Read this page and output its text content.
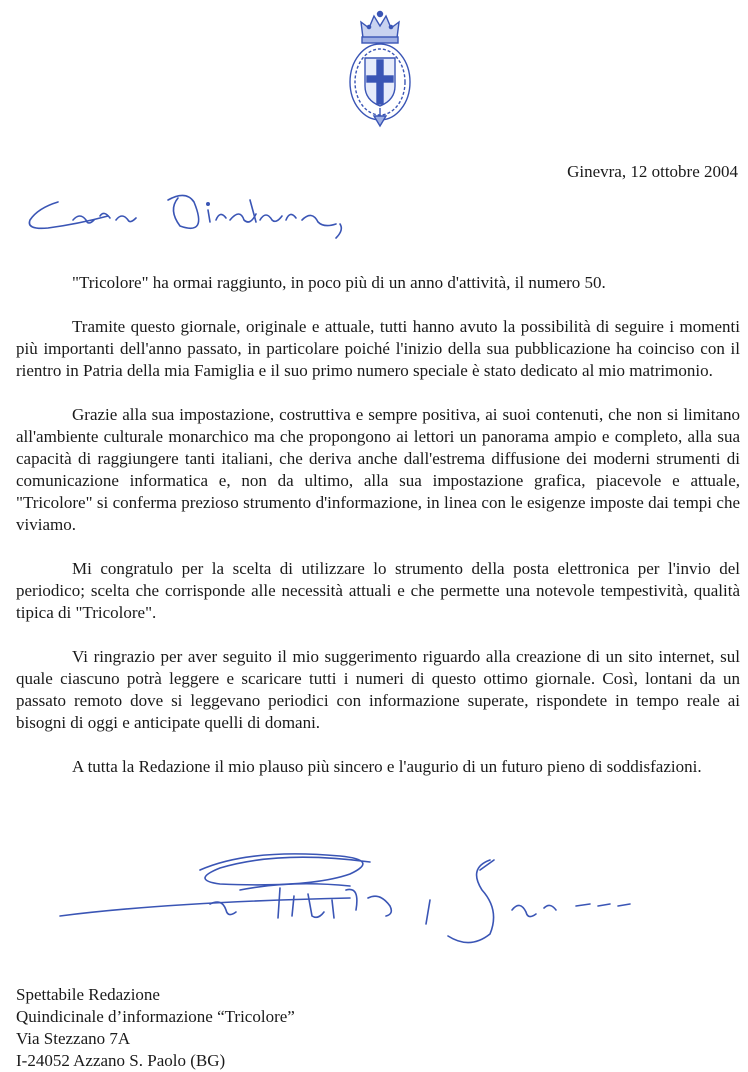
Ginevra, 12 ottobre 2004

"Tricolore" ha ormai raggiunto, in poco più di un anno d'attività, il numero 50.

Tramite questo giornale, originale e attuale, tutti hanno avuto la possibilità di seguire i momenti più importanti dell'anno passato, in particolare poiché l'inizio della sua pubblicazione ha coinciso con il rientro in Patria della mia Famiglia e il suo primo numero speciale è stato dedicato al mio matrimonio.

Grazie alla sua impostazione, costruttiva e sempre positiva, ai suoi contenuti, che non si limitano all'ambiente culturale monarchico ma che propongono ai lettori un panorama ampio e completo, alla sua capacità di raggiungere tanti italiani, che deriva anche dall'estrema diffusione dei moderni strumenti di comunicazione informatica e, non da ultimo, alla sua impostazione grafica, piacevole e attuale, "Tricolore" si conferma prezioso strumento d'informazione, in linea con le esigenze imposte dai tempi che viviamo.

Mi congratulo per la scelta di utilizzare lo strumento della posta elettronica per l'invio del periodico; scelta che corrisponde alle necessità attuali e che permette una notevole tempestività, qualità tipica di "Tricolore".

Vi ringrazio per aver seguito il mio suggerimento riguardo alla creazione di un sito internet, sul quale ciascuno potrà leggere e scaricare tutti i numeri di questo ottimo giornale. Così, lontani da un passato remoto dove si leggevano periodici con informazione superate, rispondete in tempo reale ai bisogni di oggi e anticipate quelli di domani.

A tutta la Redazione il mio plauso più sincero e l'augurio di un futuro pieno di soddisfazioni.

Spettabile Redazione
Quindicinale d’informazione “Tricolore”
Via Stezzano 7A
I-24052 Azzano S. Paolo (BG)
